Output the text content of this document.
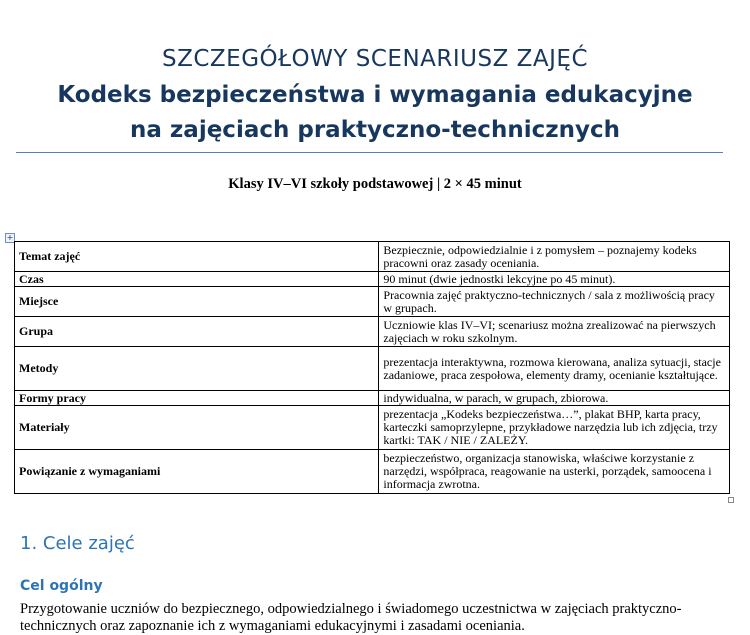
SZCZEGÓŁOWY SCENARIUSZ ZAJĘĆ
Kodeks bezpieczeństwa i wymagania edukacyjne
na zajęciach praktyczno-technicznych
Klasy IV–VI szkoły podstawowej | 2 × 45 minut
+
Temat zajęć	Bezpiecznie, odpowiedzialnie i z pomysłem – poznajemy kodeks pracowni oraz zasady oceniania.
Czas	90 minut (dwie jednostki lekcyjne po 45 minut).
Miejsce	Pracownia zajęć praktyczno-technicznych / sala z możliwością pracy w grupach.
Grupa	Uczniowie klas IV–VI; scenariusz można zrealizować na pierwszych zajęciach w roku szkolnym.
Metody	prezentacja interaktywna, rozmowa kierowana, analiza sytuacji, stacje zadaniowe, praca zespołowa, elementy dramy, ocenianie kształtujące.
Formy pracy	indywidualna, w parach, w grupach, zbiorowa.
Materiały	prezentacja „Kodeks bezpieczeństwa…”, plakat BHP, karta pracy, karteczki samoprzylepne, przykładowe narzędzia lub ich zdjęcia, trzy kartki: TAK / NIE / ZALEŻY.
Powiązanie z wymaganiami	bezpieczeństwo, organizacja stanowiska, właściwe korzystanie z narzędzi, współpraca, reagowanie na usterki, porządek, samoocena i informacja zwrotna.
1. Cele zajęć
Cel ogólny
Przygotowanie uczniów do bezpiecznego, odpowiedzialnego i świadomego uczestnictwa w zajęciach praktyczno-technicznych oraz zapoznanie ich z wymaganiami edukacyjnymi i zasadami oceniania.
